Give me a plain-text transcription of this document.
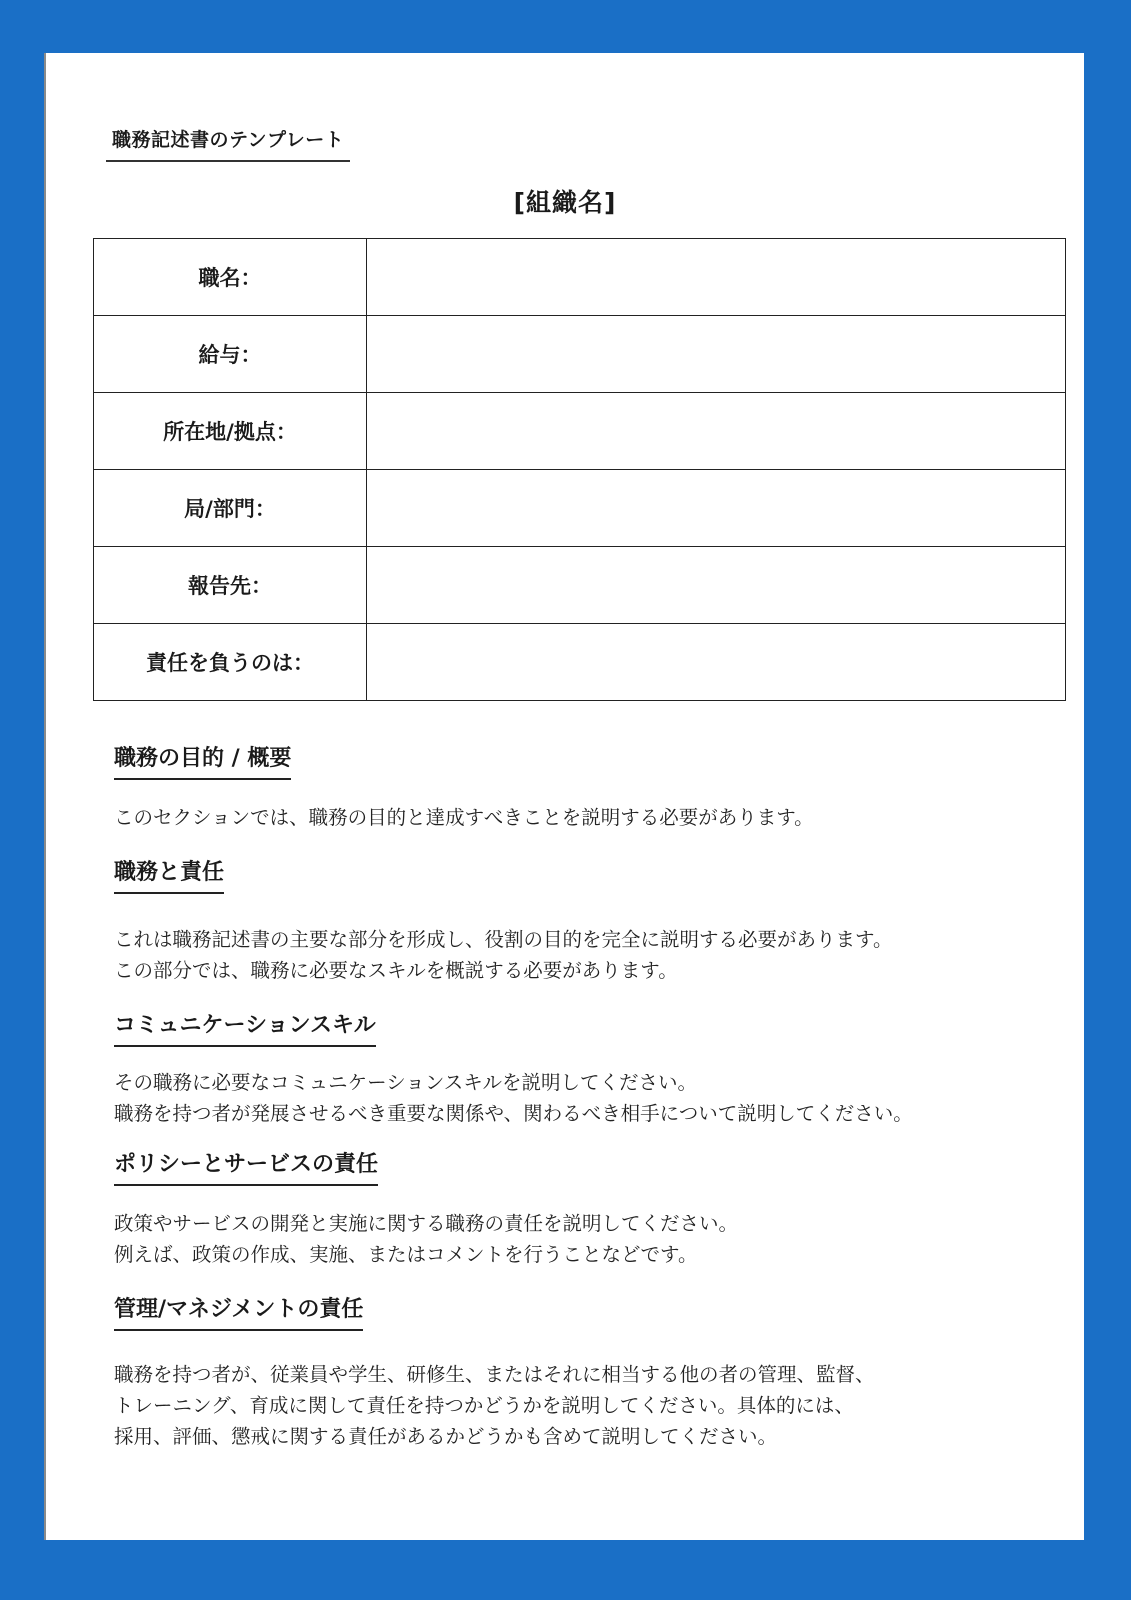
職務記述書のテンプレート
[組織名]
職名：	
給与：	
所在地/拠点：	
局/部門：	
報告先：	
責任を負うのは：	
職務の目的 / 概要
このセクションでは、職務の目的と達成すべきことを説明する必要があります。
職務と責任
これは職務記述書の主要な部分を形成し、役割の目的を完全に説明する必要があります。
この部分では、職務に必要なスキルを概説する必要があります。
コミュニケーションスキル
その職務に必要なコミュニケーションスキルを説明してください。
職務を持つ者が発展させるべき重要な関係や、関わるべき相手について説明してください。
ポリシーとサービスの責任
政策やサービスの開発と実施に関する職務の責任を説明してください。
例えば、政策の作成、実施、またはコメントを行うことなどです。
管理/マネジメントの責任
職務を持つ者が、従業員や学生、研修生、またはそれに相当する他の者の管理、監督、
トレーニング、育成に関して責任を持つかどうかを説明してください。具体的には、
採用、評価、懲戒に関する責任があるかどうかも含めて説明してください。
